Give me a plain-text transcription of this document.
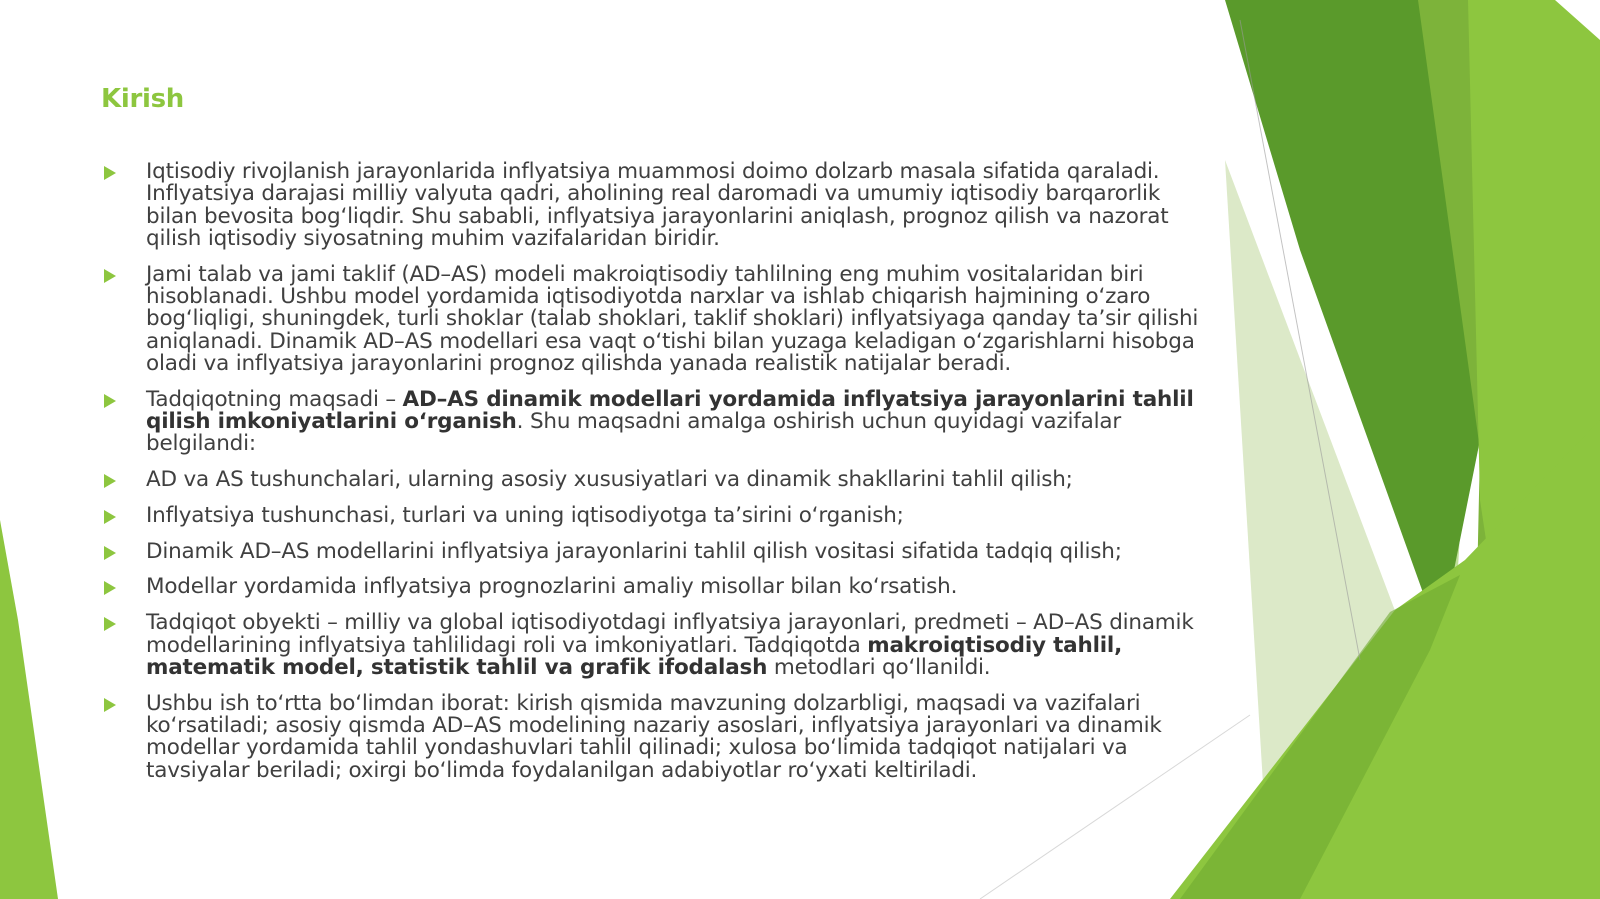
Kirish
Iqtisodiy rivojlanish jarayonlarida inflyatsiya muammosi doimo dolzarb masala sifatida qaraladi. Inflyatsiya darajasi milliy valyuta qadri, aholining real daromadi va umumiy iqtisodiy barqarorlik bilan bevosita bog‘liqdir. Shu sababli, inflyatsiya jarayonlarini aniqlash, prognoz qilish va nazorat qilish iqtisodiy siyosatning muhim vazifalaridan biridir.
Jami talab va jami taklif (AD–AS) modeli makroiqtisodiy tahlilning eng muhim vositalaridan biri hisoblanadi. Ushbu model yordamida iqtisodiyotda narxlar va ishlab chiqarish hajmining o‘zaro bog‘liqligi, shuningdek, turli shoklar (talab shoklari, taklif shoklari) inflyatsiyaga qanday ta’sir qilishi aniqlanadi. Dinamik AD–AS modellari esa vaqt o‘tishi bilan yuzaga keladigan o‘zgarishlarni hisobga oladi va inflyatsiya jarayonlarini prognoz qilishda yanada realistik natijalar beradi.
Tadqiqotning maqsadi – AD–AS dinamik modellari yordamida inflyatsiya jarayonlarini tahlil qilish imkoniyatlarini o‘rganish. Shu maqsadni amalga oshirish uchun quyidagi vazifalar belgilandi:
AD va AS tushunchalari, ularning asosiy xususiyatlari va dinamik shakllarini tahlil qilish;
Inflyatsiya tushunchasi, turlari va uning iqtisodiyotga ta’sirini o‘rganish;
Dinamik AD–AS modellarini inflyatsiya jarayonlarini tahlil qilish vositasi sifatida tadqiq qilish;
Modellar yordamida inflyatsiya prognozlarini amaliy misollar bilan ko‘rsatish.
Tadqiqot obyekti – milliy va global iqtisodiyotdagi inflyatsiya jarayonlari, predmeti – AD–AS dinamik modellarining inflyatsiya tahlilidagi roli va imkoniyatlari. Tadqiqotda makroiqtisodiy tahlil, matematik model, statistik tahlil va grafik ifodalash metodlari qo‘llanildi.
Ushbu ish to‘rtta bo‘limdan iborat: kirish qismida mavzuning dolzarbligi, maqsadi va vazifalari ko‘rsatiladi; asosiy qismda AD–AS modelining nazariy asoslari, inflyatsiya jarayonlari va dinamik modellar yordamida tahlil yondashuvlari tahlil qilinadi; xulosa bo‘limida tadqiqot natijalari va tavsiyalar beriladi; oxirgi bo‘limda foydalanilgan adabiyotlar ro‘yxati keltiriladi.
